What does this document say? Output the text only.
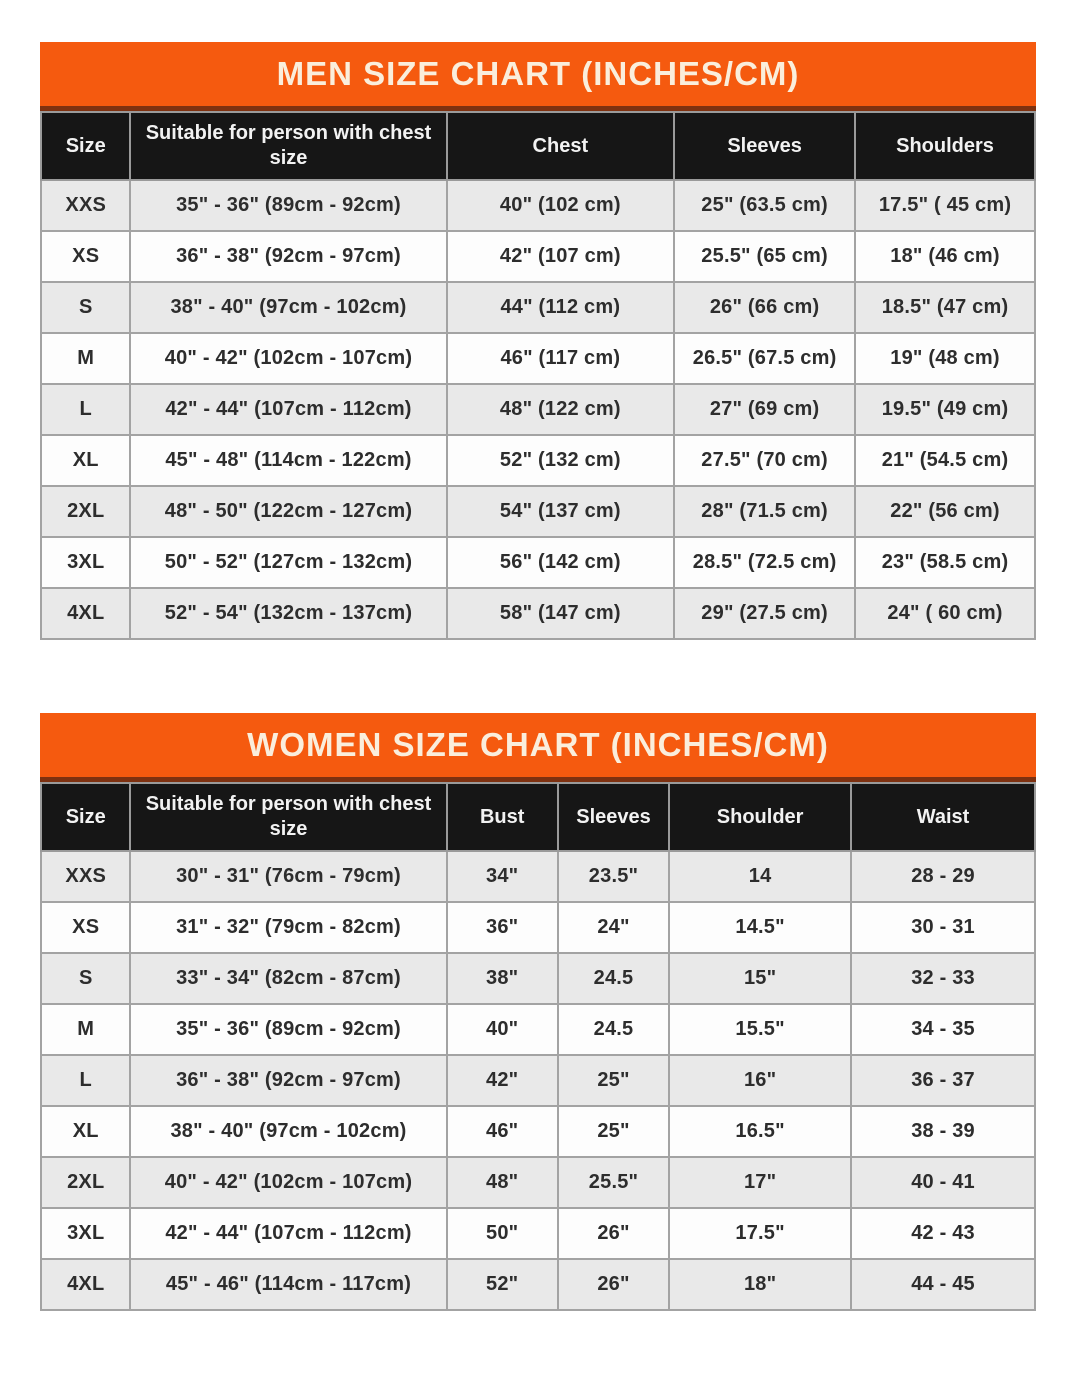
MEN SIZE CHART (INCHES/CM)
Size	Suitable for person with chest size	Chest	Sleeves	Shoulders
XXS	35" - 36" (89cm - 92cm)	40" (102 cm)	25" (63.5 cm)	17.5" ( 45 cm)
XS	36" - 38" (92cm - 97cm)	42" (107 cm)	25.5" (65 cm)	18" (46 cm)
S	38" - 40" (97cm - 102cm)	44" (112 cm)	26" (66 cm)	18.5" (47 cm)
M	40" - 42" (102cm - 107cm)	46" (117 cm)	26.5" (67.5 cm)	19" (48 cm)
L	42" - 44" (107cm - 112cm)	48" (122 cm)	27" (69 cm)	19.5" (49 cm)
XL	45" - 48" (114cm - 122cm)	52" (132 cm)	27.5" (70 cm)	21" (54.5 cm)
2XL	48" - 50" (122cm - 127cm)	54" (137 cm)	28" (71.5 cm)	22" (56 cm)
3XL	50" - 52" (127cm - 132cm)	56" (142 cm)	28.5" (72.5 cm)	23" (58.5 cm)
4XL	52" - 54" (132cm - 137cm)	58" (147 cm)	29" (27.5 cm)	24" ( 60 cm)
WOMEN SIZE CHART (INCHES/CM)
Size	Suitable for person with chest size	Bust	Sleeves	Shoulder	Waist
XXS	30" - 31" (76cm - 79cm)	34"	23.5"	14	28 - 29
XS	31" - 32" (79cm - 82cm)	36"	24"	14.5"	30 - 31
S	33" - 34" (82cm - 87cm)	38"	24.5	15"	32 - 33
M	35" - 36" (89cm - 92cm)	40"	24.5	15.5"	34 - 35
L	36" - 38" (92cm - 97cm)	42"	25"	16"	36 - 37
XL	38" - 40" (97cm - 102cm)	46"	25"	16.5"	38 - 39
2XL	40" - 42" (102cm - 107cm)	48"	25.5"	17"	40 - 41
3XL	42" - 44" (107cm - 112cm)	50"	26"	17.5"	42 - 43
4XL	45" - 46" (114cm - 117cm)	52"	26"	18"	44 - 45
